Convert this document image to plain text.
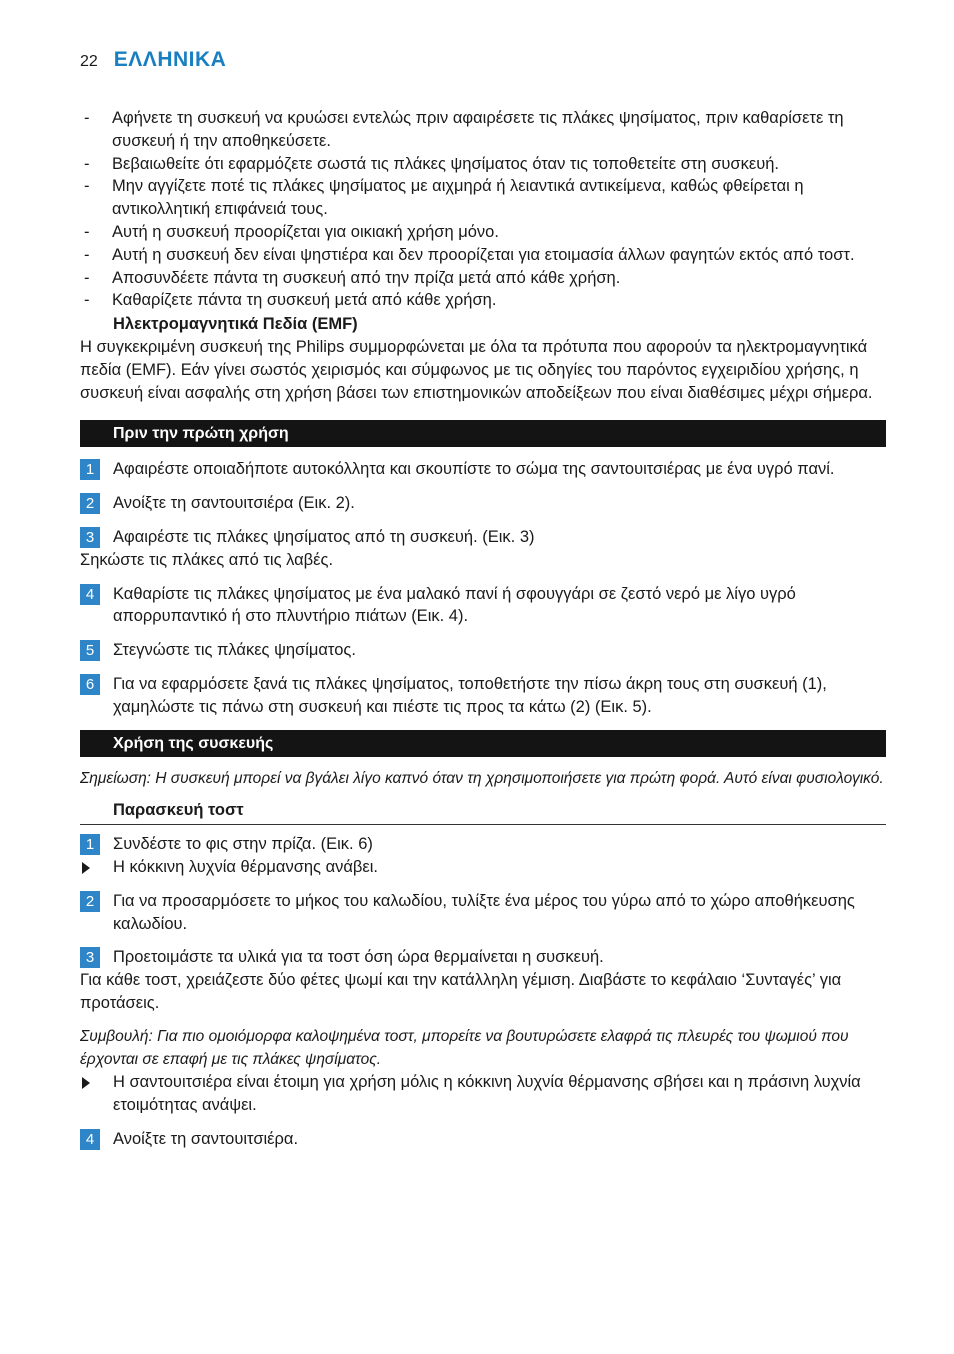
22 ΕΛΛΗΝΙΚΑ
-	Αφήνετε τη συσκευή να κρυώσει εντελώς πριν αφαιρέσετε τις πλάκες ψησίματος, πριν καθαρίσετε τη συσκευή ή την αποθηκεύσετε.
-	Βεβαιωθείτε ότι εφαρμόζετε σωστά τις πλάκες ψησίματος όταν τις τοποθετείτε στη συσκευή.
-	Μην αγγίζετε ποτέ τις πλάκες ψησίματος με αιχμηρά ή λειαντικά αντικείμενα, καθώς φθείρεται η αντικολλητική επιφάνειά τους.
-	Αυτή η συσκευή προορίζεται για οικιακή χρήση μόνο.
-	Αυτή η συσκευή δεν είναι ψηστιέρα και δεν προορίζεται για ετοιμασία άλλων φαγητών εκτός από τοστ.
-	Αποσυνδέετε πάντα τη συσκευή από την πρίζα μετά από κάθε χρήση.
-	Καθαρίζετε πάντα τη συσκευή μετά από κάθε χρήση.
Ηλεκτρομαγνητικά Πεδία (EMF)

Η συγκεκριμένη συσκευή της Philips συμμορφώνεται με όλα τα πρότυπα που αφορούν τα ηλεκτρομαγνητικά πεδία (EMF). Εάν γίνει σωστός χειρισμός και σύμφωνος με τις οδηγίες του παρόντος εγχειριδίου χρήσης, η συσκευή είναι ασφαλής στη χρήση βάσει των επιστημονικών αποδείξεων που είναι διαθέσιμες μέχρι σήμερα.

Πριν την πρώτη χρήση
1	Αφαιρέστε οποιαδήποτε αυτοκόλλητα και σκουπίστε το σώμα της σαντουιτσιέρας με ένα υγρό πανί.
2	Ανοίξτε τη σαντουιτσιέρα (Εικ. 2).
3	Αφαιρέστε τις πλάκες ψησίματος από τη συσκευή. (Εικ. 3)
Σηκώστε τις πλάκες από τις λαβές.
4	Καθαρίστε τις πλάκες ψησίματος με ένα μαλακό πανί ή σφουγγάρι σε ζεστό νερό με λίγο υγρό απορρυπαντικό ή στο πλυντήριο πιάτων (Εικ. 4).
5	Στεγνώστε τις πλάκες ψησίματος.
6	Για να εφαρμόσετε ξανά τις πλάκες ψησίματος, τοποθετήστε την πίσω άκρη τους στη συσκευή (1), χαμηλώστε τις πάνω στη συσκευή και πιέστε τις προς τα κάτω (2) (Εικ. 5).
Χρήση της συσκευής

Σημείωση: Η συσκευή μπορεί να βγάλει λίγο καπνό όταν τη χρησιμοποιήσετε για πρώτη φορά. Αυτό είναι φυσιολογικό.

Παρασκευή τοστ
1	Συνδέστε το φις στην πρίζα. (Εικ. 6)
Η κόκκινη λυχνία θέρμανσης ανάβει.
2	Για να προσαρμόσετε το μήκος του καλωδίου, τυλίξτε ένα μέρος του γύρω από το χώρο αποθήκευσης καλωδίου.
3	Προετοιμάστε τα υλικά για τα τοστ όση ώρα θερμαίνεται η συσκευή.
Για κάθε τοστ, χρειάζεστε δύο φέτες ψωμί και την κατάλληλη γέμιση. Διαβάστε το κεφάλαιο ‘Συνταγές’ για προτάσεις.

Συμβουλή: Για πιο ομοιόμορφα καλοψημένα τοστ, μπορείτε να βουτυρώσετε ελαφρά τις πλευρές του ψωμιού που έρχονται σε επαφή με τις πλάκες ψησίματος.

Η σαντουιτσιέρα είναι έτοιμη για χρήση μόλις η κόκκινη λυχνία θέρμανσης σβήσει και η πράσινη λυχνία ετοιμότητας ανάψει.
4	Ανοίξτε τη σαντουιτσιέρα.
